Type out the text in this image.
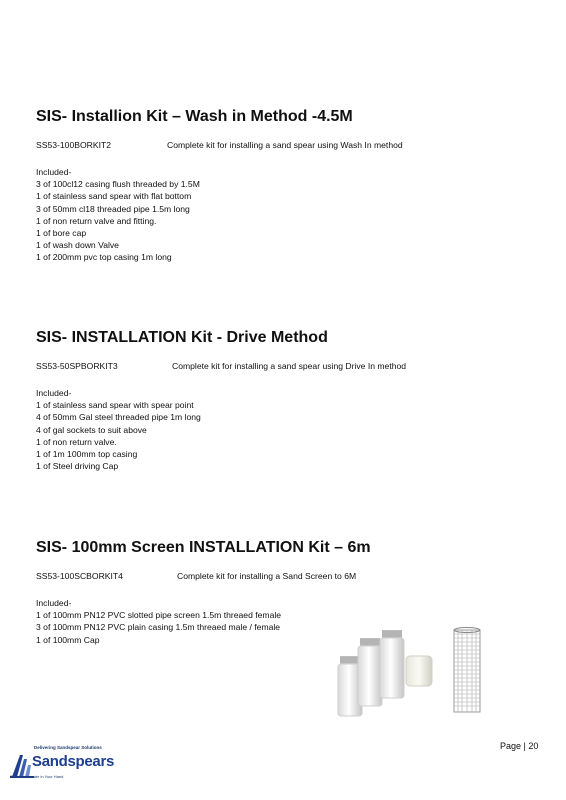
SIS- Installion Kit – Wash in Method -4.5M
SS53-100BORKIT2	Complete kit for installing a sand spear using Wash In method
Included-
3 of 100cl12 casing flush threaded by 1.5M
1 of stainless sand spear with flat bottom
3 of 50mm cl18 threaded pipe 1.5m long
1 of non return valve and fitting.
1 of bore cap
1 of wash down Valve
1 of 200mm pvc top casing 1m long
SIS- INSTALLATION Kit - Drive Method
SS53-50SPBORKIT3	Complete kit for installing a sand spear using Drive In method
Included-
1 of stainless sand spear with spear point
4 of 50mm Gal steel threaded pipe 1m long
4 of gal sockets to suit above
1 of non return valve.
1 of 1m 100mm top casing
1 of Steel driving Cap
SIS- 100mm Screen INSTALLATION Kit – 6m
SS53-100SCBORKIT4	Complete kit for installing a Sand Screen to 6M
Included-
1 of 100mm PN12 PVC slotted pipe screen 1.5m threaed female
3 of 100mm PN12 PVC plain casing 1.5m threaed male / female
1 of 100mm Cap
Page | 20
Delivering Sandspear Solutions
Sandspears
Pure fresh water in Your Hand
